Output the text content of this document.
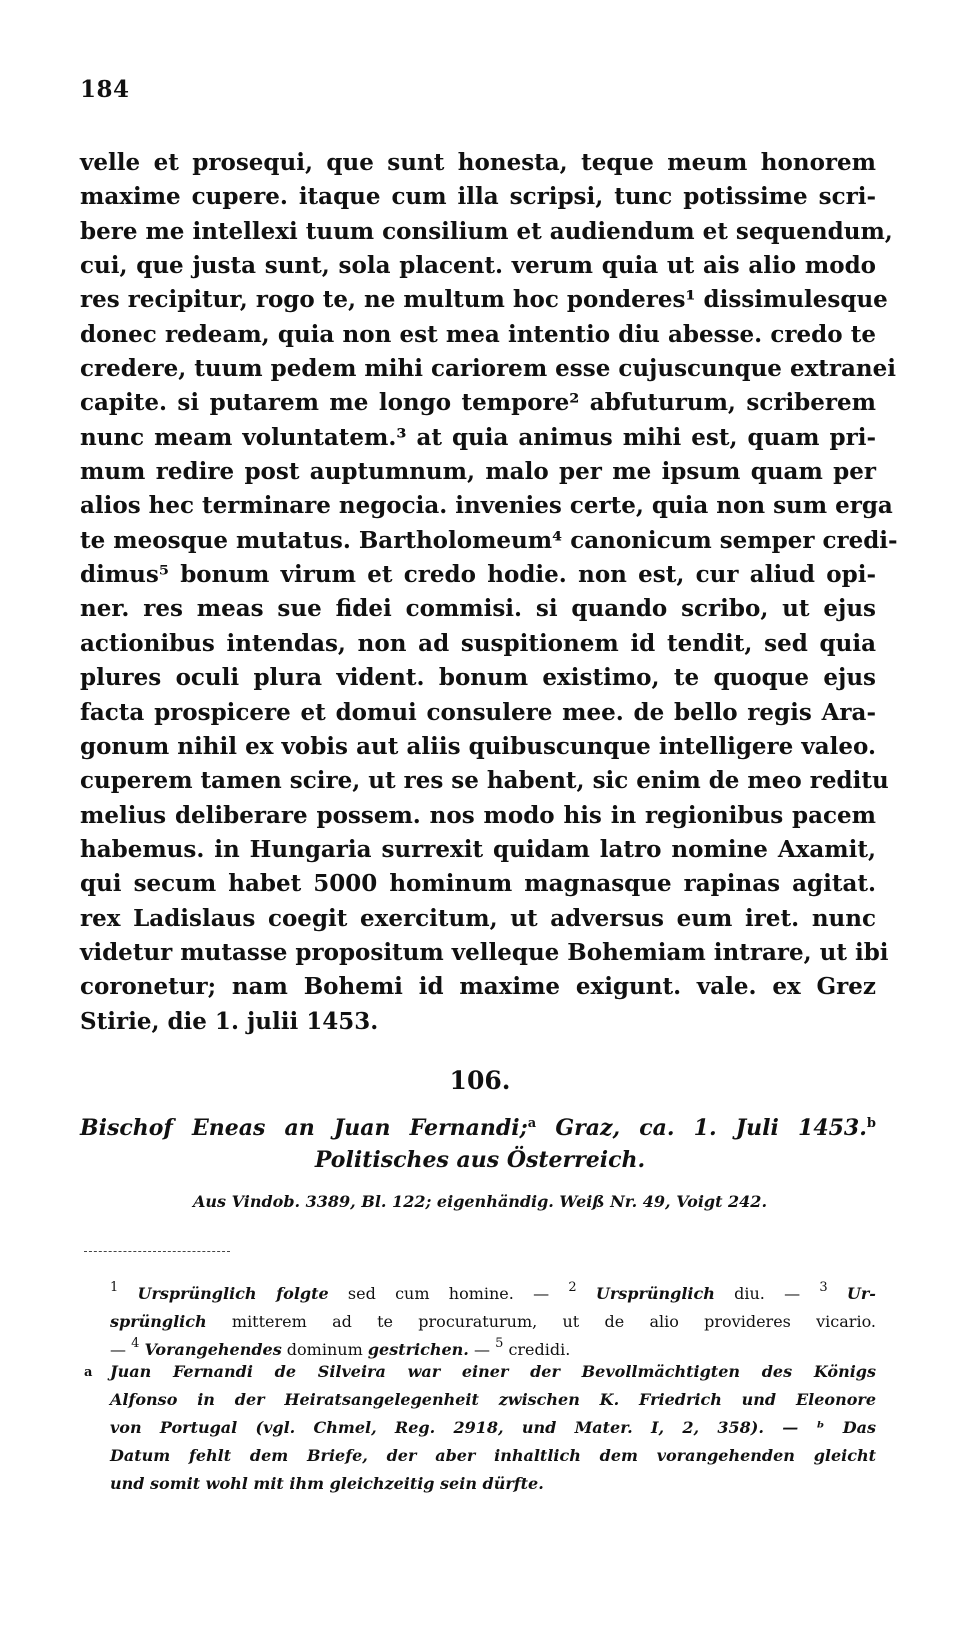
184
velle et prosequi, que sunt honesta, teque meum honorem
maxime cupere. itaque cum illa scripsi, tunc potissime scri-
bere me intellexi tuum consilium et audiendum et sequendum,
cui, que justa sunt, sola placent. verum quia ut ais alio modo
res recipitur, rogo te, ne multum hoc ponderes¹ dissimulesque
donec redeam, quia non est mea intentio diu abesse. credo te
credere, tuum pedem mihi cariorem esse cujuscunque extranei
capite. si putarem me longo tempore² abfuturum, scriberem
nunc meam voluntatem.³ at quia animus mihi est, quam pri-
mum redire post auptumnum, malo per me ipsum quam per
alios hec terminare negocia. invenies certe, quia non sum erga
te meosque mutatus. Bartholomeum⁴ canonicum semper credi-
dimus⁵ bonum virum et credo hodie. non est, cur aliud opi-
ner. res meas sue fidei commisi. si quando scribo, ut ejus
actionibus intendas, non ad suspitionem id tendit, sed quia
plures oculi plura vident. bonum existimo, te quoque ejus
facta prospicere et domui consulere mee. de bello regis Ara-
gonum nihil ex vobis aut aliis quibuscunque intelligere valeo.
cuperem tamen scire, ut res se habent, sic enim de meo reditu
melius deliberare possem. nos modo his in regionibus pacem
habemus. in Hungaria surrexit quidam latro nomine Axamit,
qui secum habet 5000 hominum magnasque rapinas agitat.
rex Ladislaus coegit exercitum, ut adversus eum iret. nunc
videtur mutasse propositum velleque Bohemiam intrare, ut ibi
coronetur; nam Bohemi id maxime exigunt. vale. ex Grez
Stirie, die 1. julii 1453.
106.
Bischof Eneas an Juan Fernandi;$^a$ Graz, ca. 1. Juli 1453.$^b$
Politisches aus Österreich.
Aus Vindob. 3389, Bl. 122; eigenhändig. Weiß Nr. 49, Voigt 242.
$^1$ Ursprünglich folgte sed cum homine. — $^2$ Ursprünglich diu. — $^3$ Ur-
sprünglich mitterem ad te procuraturum, ut de alio provideres vicario.
— $^4$ Vorangehendes dominum gestrichen. — $^5$ credidi.
a Juan Fernandi de Silveira war einer der Bevollmächtigten des Königs
Alfonso in der Heiratsangelegenheit zwischen K. Friedrich und Eleonore
von Portugal (vgl. Chmel, Reg. 2918, und Mater. I, 2, 358). — ᵇ Das
Datum fehlt dem Briefe, der aber inhaltlich dem vorangehenden gleicht
und somit wohl mit ihm gleichzeitig sein dürfte.
